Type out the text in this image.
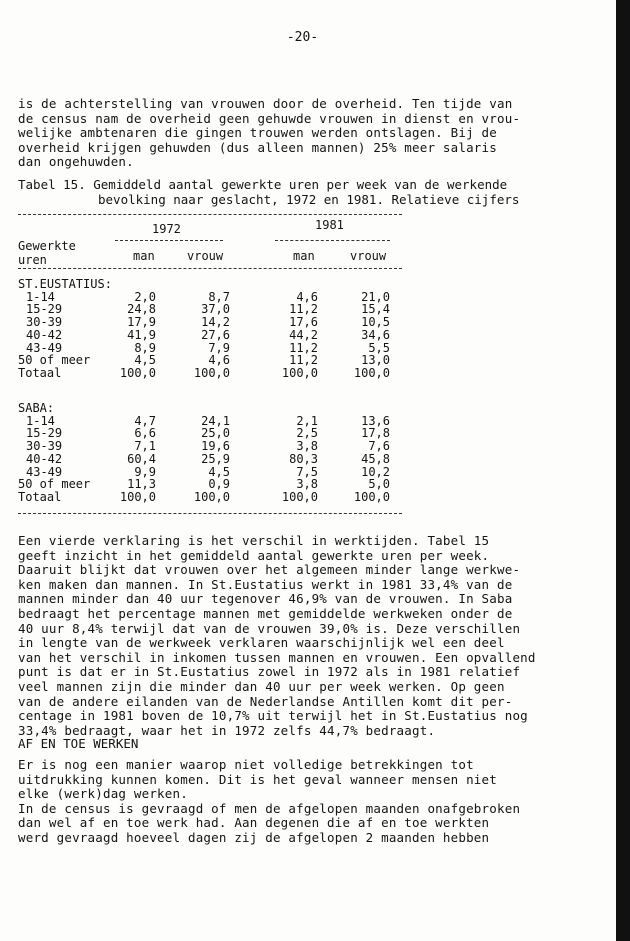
-20-
is de achterstelling van vrouwen door de overheid. Ten tijde van
de census nam de overheid geen gehuwde vrouwen in dienst en vrou-
welijke ambtenaren die gingen trouwen werden ontslagen. Bij de
overheid krijgen gehuwden (dus alleen mannen) 25% meer salaris
dan ongehuwden.
Tabel 15. Gemiddeld aantal gewerkte uren per week van de werkende
bevolking naar geslacht, 1972 en 1981. Relatieve cijfers
Gewerkte
uren
1972	1981
man	vrouw	man	vrouw
ST.EUSTATIUS:
1-14	2,0	8,7	4,6	21,0
15-29	24,8	37,0	11,2	15,4
30-39	17,9	14,2	17,6	10,5
40-42	41,9	27,6	44,2	34,6
43-49	8,9	7,9	11,2	5,5
50 of meer	4,5	4,6	11,2	13,0
Totaal	100,0	100,0	100,0	100,0
SABA:
1-14	4,7	24,1	2,1	13,6
15-29	6,6	25,0	2,5	17,8
30-39	7,1	19,6	3,8	7,6
40-42	60,4	25,9	80,3	45,8
43-49	9,9	4,5	7,5	10,2
50 of meer	11,3	0,9	3,8	5,0
Totaal	100,0	100,0	100,0	100,0
Een vierde verklaring is het verschil in werktijden. Tabel 15
geeft inzicht in het gemiddeld aantal gewerkte uren per week.
Daaruit blijkt dat vrouwen over het algemeen minder lange werkwe-
ken maken dan mannen. In St.Eustatius werkt in 1981 33,4% van de
mannen minder dan 40 uur tegenover 46,9% van de vrouwen. In Saba
bedraagt het percentage mannen met gemiddelde werkweken onder de
40 uur 8,4% terwijl dat van de vrouwen 39,0% is. Deze verschillen
in lengte van de werkweek verklaren waarschijnlijk wel een deel
van het verschil in inkomen tussen mannen en vrouwen. Een opvallend
punt is dat er in St.Eustatius zowel in 1972 als in 1981 relatief
veel mannen zijn die minder dan 40 uur per week werken. Op geen
van de andere eilanden van de Nederlandse Antillen komt dit per-
centage in 1981 boven de 10,7% uit terwijl het in St.Eustatius nog
33,4% bedraagt, waar het in 1972 zelfs 44,7% bedraagt.
AF EN TOE WERKEN
Er is nog een manier waarop niet volledige betrekkingen tot
uitdrukking kunnen komen. Dit is het geval wanneer mensen niet
elke (werk)dag werken.
In de census is gevraagd of men de afgelopen maanden onafgebroken
dan wel af en toe werk had. Aan degenen die af en toe werkten
werd gevraagd hoeveel dagen zij de afgelopen 2 maanden hebben
